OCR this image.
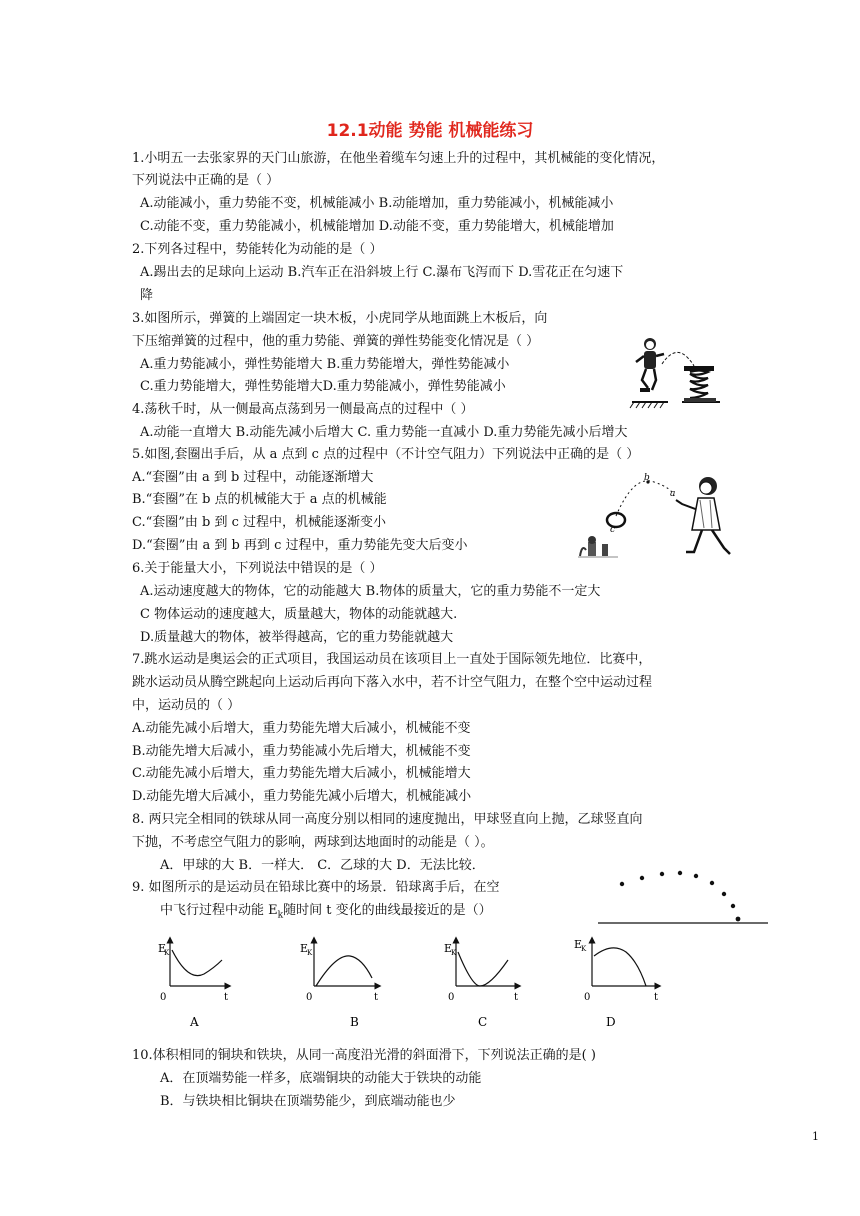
12.1动能 势能 机械能练习
1.小明五一去张家界的天门山旅游，在他坐着缆车匀速上升的过程中，其机械能的变化情况，
下列说法中正确的是（ ）
A.动能减小，重力势能不变，机械能减小 B.动能增加，重力势能减小，机械能减小
C.动能不变，重力势能减小，机械能增加 D.动能不变，重力势能增大，机械能增加
2.下列各过程中，势能转化为动能的是（ ）
A.踢出去的足球向上运动 B.汽车正在沿斜坡上行 C.瀑布飞泻而下 D.雪花正在匀速下
降
3.如图所示，弹簧的上端固定一块木板，小虎同学从地面跳上木板后，向
下压缩弹簧的过程中，他的重力势能、弹簧的弹性势能变化情况是（ ）
A.重力势能减小，弹性势能增大 B.重力势能增大，弹性势能减小
C.重力势能增大，弹性势能增大D.重力势能减小，弹性势能减小
4.荡秋千时，从一侧最高点荡到另一侧最高点的过程中（ ）
A.动能一直增大 B.动能先减小后增大 C. 重力势能一直减小 D.重力势能先减小后增大
5.如图,套圈出手后，从 a 点到 c 点的过程中（不计空气阻力）下列说法中正确的是（ ）
A.“套圈”由 a 到 b 过程中，动能逐渐增大
B.“套圈”在 b 点的机械能大于 a 点的机械能
C.“套圈”由 b 到 c 过程中，机械能逐渐变小
D.“套圈”由 a 到 b 再到 c 过程中，重力势能先变大后变小
b
a
c
6.关于能量大小，下列说法中错误的是（ ）
A.运动速度越大的物体，它的动能越大 B.物体的质量大，它的重力势能不一定大
C 物体运动的速度越大，质量越大，物体的动能就越大.
D.质量越大的物体，被举得越高，它的重力势能就越大
7.跳水运动是奥运会的正式项目，我国运动员在该项目上一直处于国际领先地位．比赛中，
跳水运动员从腾空跳起向上运动后再向下落入水中，若不计空气阻力，在整个空中运动过程
中，运动员的（ ）
A.动能先减小后增大，重力势能先增大后减小，机械能不变
B.动能先增大后减小，重力势能减小先后增大，机械能不变
C.动能先减小后增大，重力势能先增大后减小，机械能增大
D.动能先增大后减小，重力势能先减小后增大，机械能减小
8. 两只完全相同的铁球从同一高度分别以相同的速度抛出，甲球竖直向上抛，乙球竖直向
下抛，不考虑空气阻力的影响，两球到达地面时的动能是（ ）。
A．甲球的大 B．一样大． C．乙球的大 D．无法比较．
9. 如图所示的是运动员在铅球比赛中的场景．铅球离手后，在空
中飞行过程中动能 $E_k$随时间 t 变化的曲线最接近的是（）
E
K
0	t
A
E
K
0	t
B
E
K
0	t
C
E
K
0	t
D
10.体积相同的铜块和铁块，从同一高度沿光滑的斜面滑下，下列说法正确的是( )
A．在顶端势能一样多，底端铜块的动能大于铁块的动能
B．与铁块相比铜块在顶端势能少，到底端动能也少
1
